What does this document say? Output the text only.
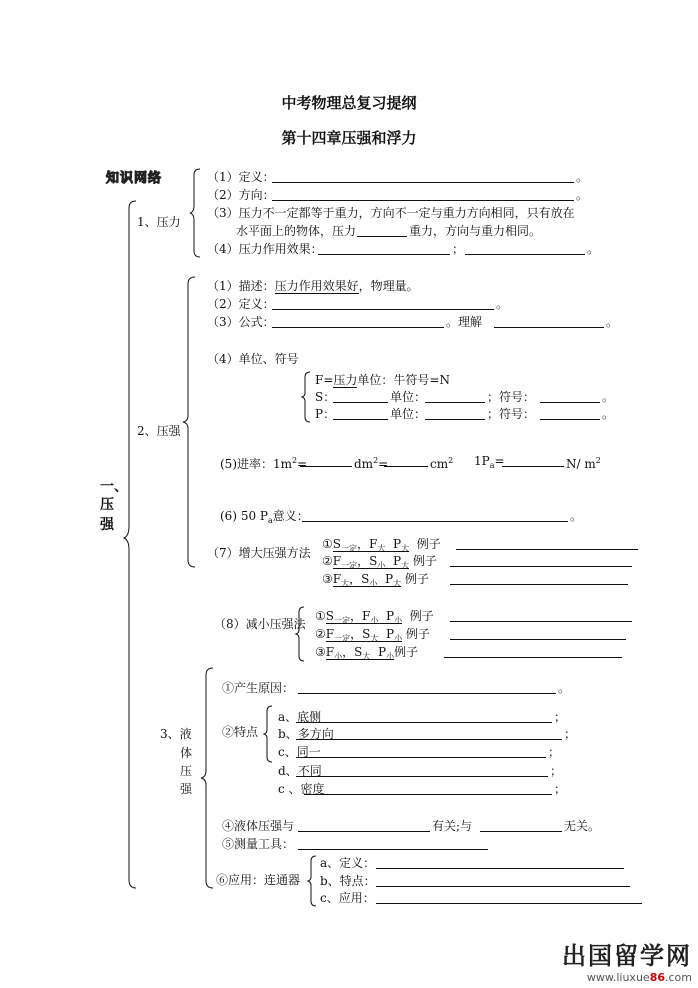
中考物理总复习提纲
第十四章压强和浮力
知识网络
一、
压
强
1、压力
（1）定义：	。
（2）方向：	。
（3）压力不一定都等于重力，方向不一定与重力方向相同，只有放在
水平面上的物体，压力	重力，方向与重力相同。
（4）压力作用效果：	；	。
2、压强
（1）描述：压力作用效果好，物理量。
（2）定义：	。
（3）公式：	。理解	。
（4）单位、符号
F=压力单位：牛符号=N
S：	单位：	；符号：	。
P：	单位：	；符号：	。
(5)进率：$1m^2=$	$dm^2=$	$cm^2$ $1P_a=$	N/ $m^2$
(6) 50 $P_a$意义：	。
（7）增大压强方法
$①S_{一定}$，$F_大$ $P_大$ 例子
$②F_{一定}$，$S_小$ $P_大$ 例子
$③F_大$，$S_小$ $P_大$ 例子
（8）减小压强法
$①S_{一定}$，$F_小$ $P_小$ 例子
$②F_{一定}$，$S_大$ $P_小$ 例子
$③F_小$，$S_大$ $P_小$例子
3、液
体
压
强
①产生原因：	。
②特点
a、底侧	；
b、多方向	；
c、同一	；
d、不同	；
c 、密度	；
④液体压强与	有关;与	无关。
⑤测量工具：
⑥应用：连通器
a、定义：
b、特点：
c、应用：
出国留学网
www.liuxue86.com
